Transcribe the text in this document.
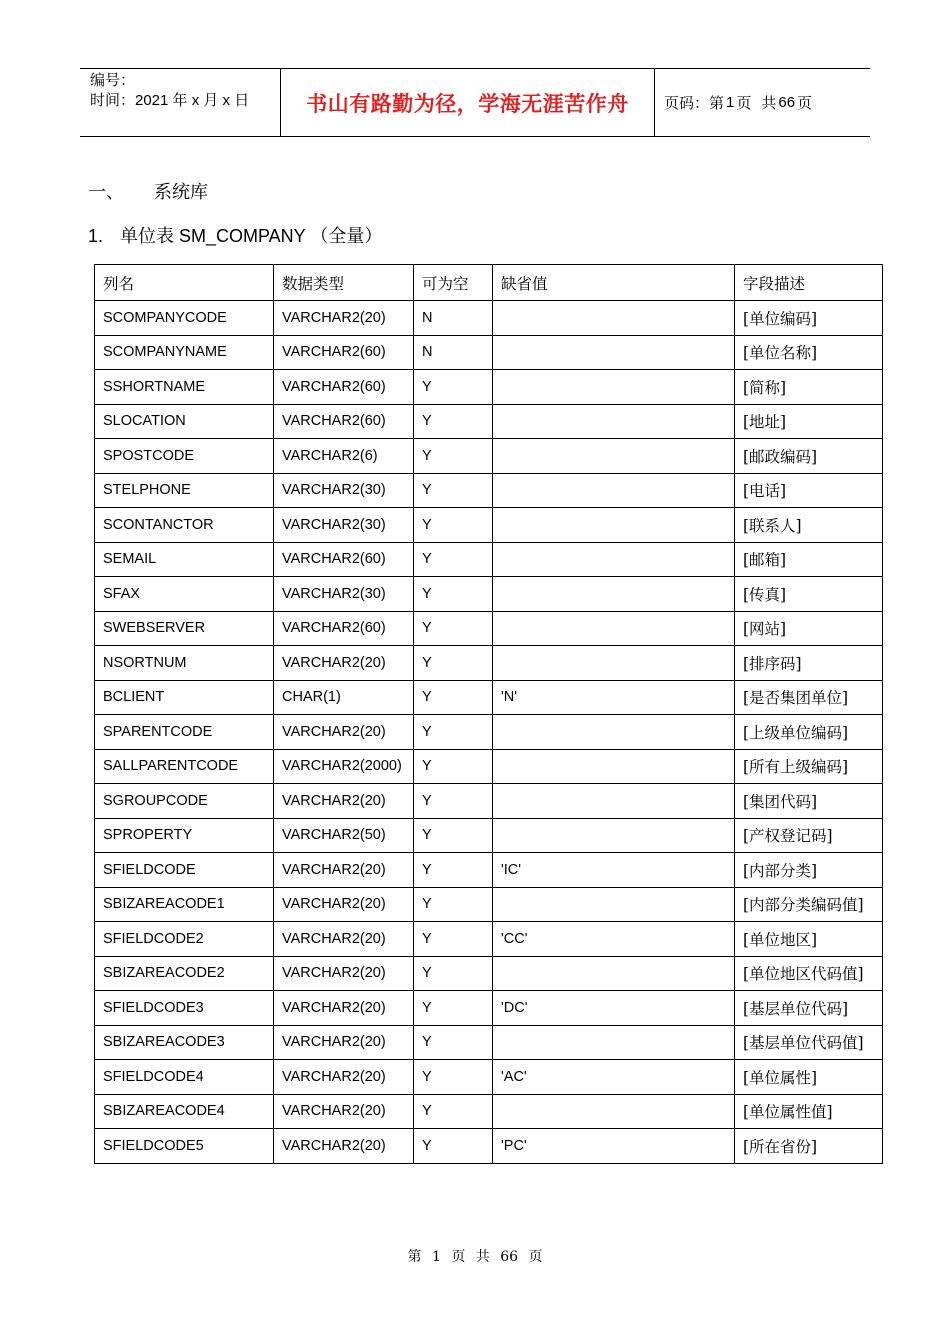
编号：
时间：2021 年 x 月 x 日	书山有路勤为径，学海无涯苦作舟 页码：第 1 页 共 66 页
一、	系统库
1. 单位表 SM_COMPANY （全量）
列名	数据类型	可为空	缺省值	字段描述
SCOMPANYCODE	VARCHAR2(20)	N		[单位编码]
SCOMPANYNAME	VARCHAR2(60)	N		[单位名称]
SSHORTNAME	VARCHAR2(60)	Y		[简称]
SLOCATION	VARCHAR2(60)	Y		[地址]
SPOSTCODE	VARCHAR2(6)	Y		[邮政编码]
STELPHONE	VARCHAR2(30)	Y		[电话]
SCONTANCTOR	VARCHAR2(30)	Y		[联系人]
SEMAIL	VARCHAR2(60)	Y		[邮箱]
SFAX	VARCHAR2(30)	Y		[传真]
SWEBSERVER	VARCHAR2(60)	Y		[网站]
NSORTNUM	VARCHAR2(20)	Y		[排序码]
BCLIENT	CHAR(1)	Y	'N'	[是否集团单位]
SPARENTCODE	VARCHAR2(20)	Y		[上级单位编码]
SALLPARENTCODE	VARCHAR2(2000)	Y		[所有上级编码]
SGROUPCODE	VARCHAR2(20)	Y		[集团代码]
SPROPERTY	VARCHAR2(50)	Y		[产权登记码]
SFIELDCODE	VARCHAR2(20)	Y	'IC'	[内部分类]
SBIZAREACODE1	VARCHAR2(20)	Y		[内部分类编码值]
SFIELDCODE2	VARCHAR2(20)	Y	'CC'	[单位地区]
SBIZAREACODE2	VARCHAR2(20)	Y		[单位地区代码值]
SFIELDCODE3	VARCHAR2(20)	Y	'DC'	[基层单位代码]
SBIZAREACODE3	VARCHAR2(20)	Y		[基层单位代码值]
SFIELDCODE4	VARCHAR2(20)	Y	'AC'	[单位属性]
SBIZAREACODE4	VARCHAR2(20)	Y		[单位属性值]
SFIELDCODE5	VARCHAR2(20)	Y	'PC'	[所在省份]
第 1 页 共 66 页
